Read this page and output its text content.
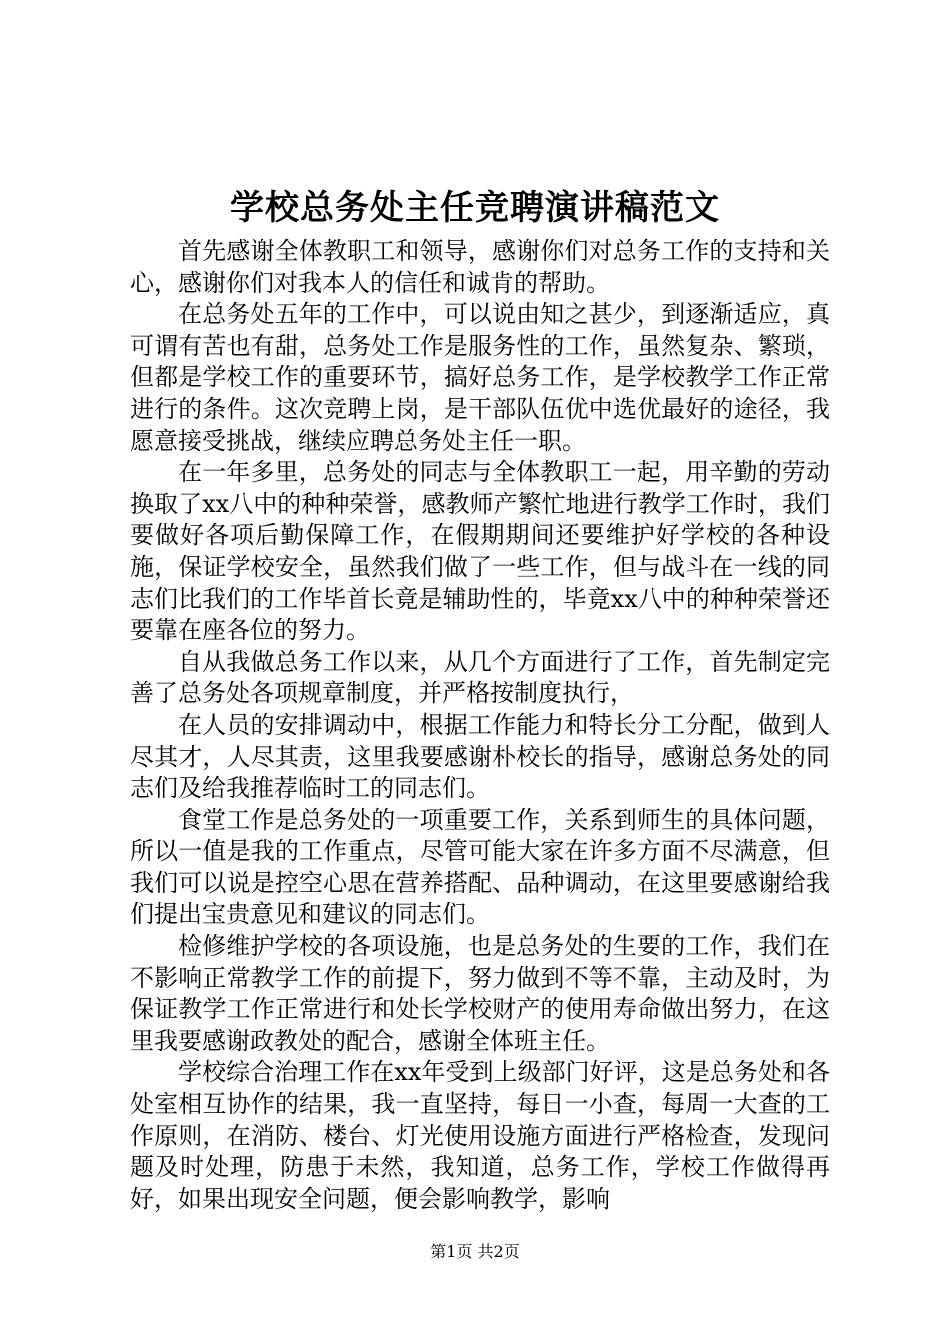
学校总务处主任竞聘演讲稿范文

首先感谢全体教职工和领导，感谢你们对总务工作的支持和关心，感谢你们对我本人的信任和诚肯的帮助。

在总务处五年的工作中，可以说由知之甚少，到逐渐适应，真可谓有苦也有甜，总务处工作是服务性的工作，虽然复杂、繁琐，但都是学校工作的重要环节，搞好总务工作，是学校教学工作正常进行的条件。这次竞聘上岗，是干部队伍优中选优最好的途径，我愿意接受挑战，继续应聘总务处主任一职。

在一年多里，总务处的同志与全体教职工一起，用辛勤的劳动换取了xx八中的种种荣誉，感教师产繁忙地进行教学工作时，我们要做好各项后勤保障工作，在假期期间还要维护好学校的各种设施，保证学校安全，虽然我们做了一些工作，但与战斗在一线的同志们比我们的工作毕首长竟是辅助性的，毕竟xx八中的种种荣誉还要靠在座各位的努力。

自从我做总务工作以来，从几个方面进行了工作，首先制定完善了总务处各项规章制度，并严格按制度执行，

在人员的安排调动中，根据工作能力和特长分工分配，做到人尽其才，人尽其责，这里我要感谢朴校长的指导，感谢总务处的同志们及给我推荐临时工的同志们。

食堂工作是总务处的一项重要工作，关系到师生的具体问题，所以一值是我的工作重点，尽管可能大家在许多方面不尽满意，但我们可以说是控空心思在营养搭配、品种调动，在这里要感谢给我们提出宝贵意见和建议的同志们。

检修维护学校的各项设施，也是总务处的生要的工作，我们在不影响正常教学工作的前提下，努力做到不等不靠，主动及时，为保证教学工作正常进行和处长学校财产的使用寿命做出努力，在这里我要感谢政教处的配合，感谢全体班主任。

学校综合治理工作在xx年受到上级部门好评，这是总务处和各处室相互协作的结果，我一直坚持，每日一小查，每周一大查的工作原则，在消防、楼台、灯光使用设施方面进行严格检查，发现问题及时处理，防患于未然，我知道，总务工作，学校工作做得再好，如果出现安全问题，便会影响教学，影响

第1页 共2页
